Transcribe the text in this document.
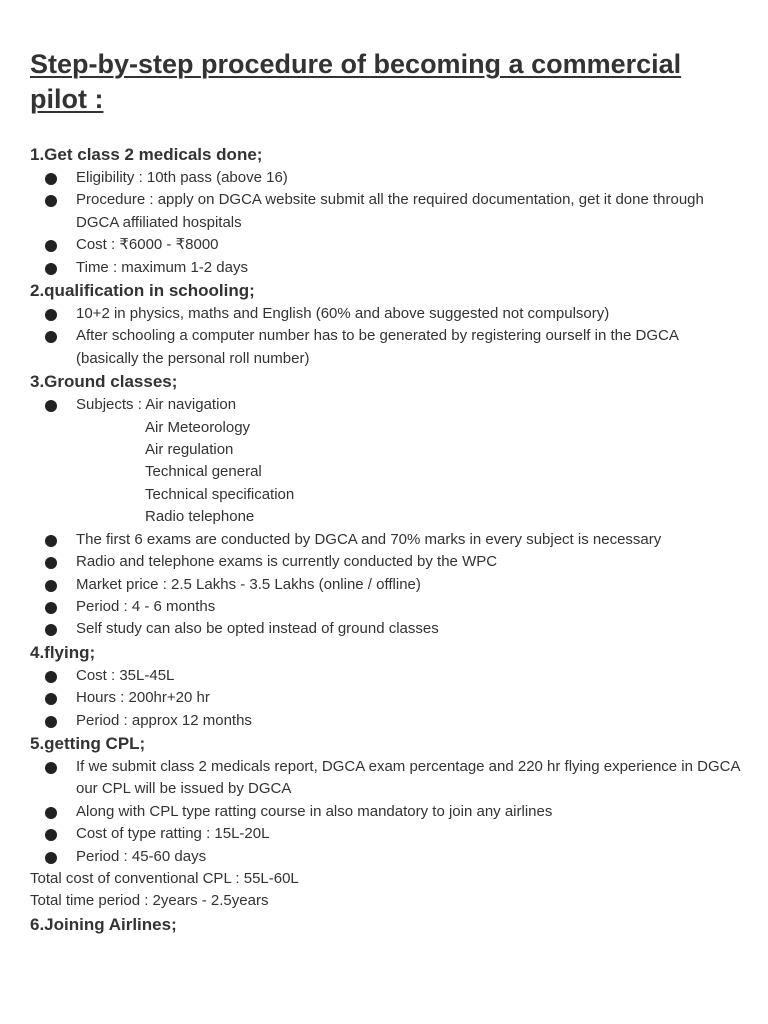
Step-by-step procedure of becoming a commercial pilot :
1.Get class 2 medicals done;
Eligibility : 10th pass (above 16)
Procedure : apply on DGCA website submit all the required documentation, get it done through DGCA affiliated hospitals
Cost : ₹6000 - ₹8000
Time : maximum 1-2 days
2.qualification in schooling;
10+2 in physics, maths and English (60% and above suggested not compulsory)
After schooling a computer number has to be generated by registering ourself in the DGCA (basically the personal roll number)
3.Ground classes;
Subjects : Air navigation
Air Meteorology
Air regulation
Technical general
Technical specification
Radio telephone
The first 6 exams are conducted by DGCA and 70% marks in every subject is necessary
Radio and telephone exams is currently conducted by the WPC
Market price : 2.5 Lakhs - 3.5 Lakhs (online / offline)
Period : 4 - 6 months
Self study can also be opted instead of ground classes
4.flying;
Cost : 35L-45L
Hours : 200hr+20 hr
Period : approx 12 months
5.getting CPL;
If we submit class 2 medicals report, DGCA exam percentage and 220 hr flying experience in DGCA our CPL will be issued by DGCA
Along with CPL type ratting course in also mandatory to join any airlines
Cost of type ratting : 15L-20L
Period : 45-60 days

Total cost of conventional CPL : 55L-60L

Total time period : 2years - 2.5years

6.Joining Airlines;
